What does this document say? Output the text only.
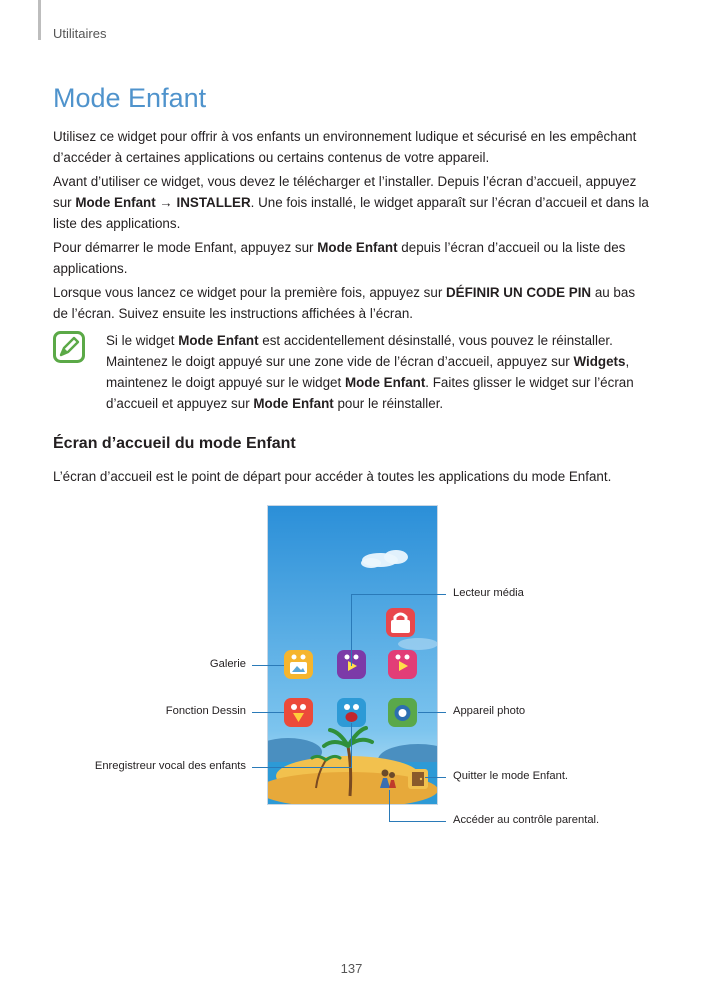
Utilitaires
Mode Enfant

Utilisez ce widget pour offrir à vos enfants un environnement ludique et sécurisé en les empêchant d’accéder à certaines applications ou certains contenus de votre appareil.

Avant d’utiliser ce widget, vous devez le télécharger et l’installer. Depuis l’écran d’accueil, appuyez sur Mode Enfant → INSTALLER. Une fois installé, le widget apparaît sur l’écran d’accueil et dans la liste des applications.

Pour démarrer le mode Enfant, appuyez sur Mode Enfant depuis l’écran d’accueil ou la liste des applications.

Lorsque vous lancez ce widget pour la première fois, appuyez sur DÉFINIR UN CODE PIN au bas de l’écran. Suivez ensuite les instructions affichées à l’écran.

Si le widget Mode Enfant est accidentellement désinstallé, vous pouvez le réinstaller. Maintenez le doigt appuyé sur une zone vide de l’écran d’accueil, appuyez sur Widgets, maintenez le doigt appuyé sur le widget Mode Enfant. Faites glisser le widget sur l’écran d’accueil et appuyez sur Mode Enfant pour le réinstaller.

Écran d’accueil du mode Enfant

L’écran d’accueil est le point de départ pour accéder à toutes les applications du mode Enfant.

Lecteur média
Galerie
Fonction Dessin	Appareil photo
Enregistreur vocal des enfants
Quitter le mode Enfant.
Accéder au contrôle parental.
137
